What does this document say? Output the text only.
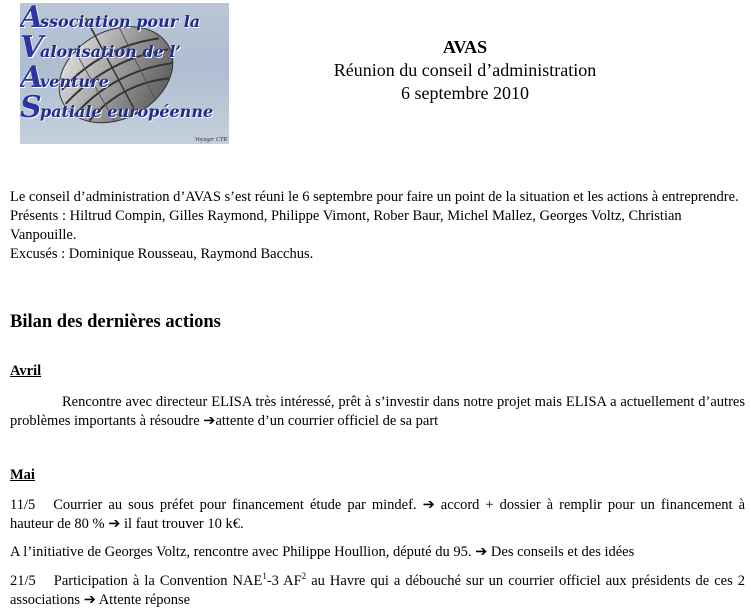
Association pour la
Valorisation de l’
Aventure
Spatiale européenne
Voyager CTR
AVAS
Réunion du conseil d’administration
6 septembre 2010
Le conseil d’administration d’AVAS s’est réuni le 6 septembre pour faire un point de la situation et les actions à entreprendre.
Présents : Hiltrud Compin, Gilles Raymond, Philippe Vimont, Rober Baur, Michel Mallez, Georges Voltz, Christian Vanpouille.
Excusés : Dominique Rousseau, Raymond Bacchus.
Bilan des dernières actions
Avril
Rencontre avec directeur ELISA très intéressé, prêt à s’investir dans notre projet mais ELISA a actuellement d’autres problèmes importants à résoudre ➔attente d’un courrier officiel de sa part
Mai
11/5 Courrier au sous préfet pour financement étude par mindef. ➔ accord + dossier à remplir pour un financement à hauteur de 80 % ➔ il faut trouver 10 k€.
A l’initiative de Georges Voltz, rencontre avec Philippe Houllion, député du 95. ➔ Des conseils et des idées
21/5 Participation à la Convention NAE$^1$-3 $AF^2$ au Havre qui a débouché sur un courrier officiel aux présidents de ces 2 associations ➔ Attente réponse
